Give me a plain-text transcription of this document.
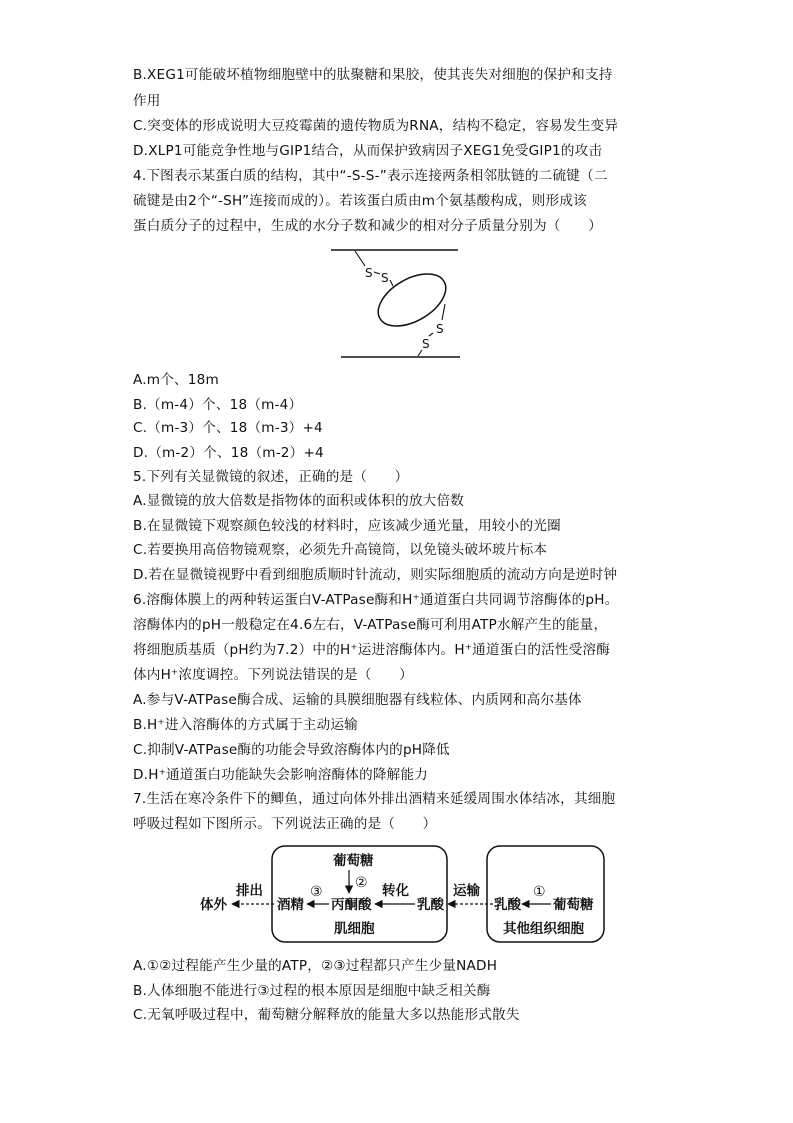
B.XEG1可能破坏植物细胞壁中的肽聚糖和果胶，使其丧失对细胞的保护和支持
作用
C.突变体的形成说明大豆疫霉菌的遗传物质为RNA，结构不稳定，容易发生变异
D.XLP1可能竞争性地与GIP1结合，从而保护致病因子XEG1免受GIP1的攻击
4.下图表示某蛋白质的结构，其中“-S-S-”表示连接两条相邻肽链的二硫键（二
硫键是由2个“-SH”连接而成的）。若该蛋白质由m个氨基酸构成，则形成该
蛋白质分子的过程中，生成的水分子数和减少的相对分子质量分别为（　　）
S S
S
S
A.m个、18m
B.（m-4）个、18（m-4）
C.（m-3）个、18（m-3）+4
D.（m-2）个、18（m-2）+4
5.下列有关显微镜的叙述，正确的是（　　）
A.显微镜的放大倍数是指物体的面积或体积的放大倍数
B.在显微镜下观察颜色较浅的材料时，应该减少通光量，用较小的光圈
C.若要换用高倍物镜观察，必须先升高镜筒，以免镜头破坏玻片标本
D.若在显微镜视野中看到细胞质顺时针流动，则实际细胞质的流动方向是逆时钟
6.溶酶体膜上的两种转运蛋白V-ATPase酶和H⁺通道蛋白共同调节溶酶体的pH。
溶酶体内的pH一般稳定在4.6左右，V-ATPase酶可利用ATP水解产生的能量，
将细胞质基质（pH约为7.2）中的H⁺运进溶酶体内。H⁺通道蛋白的活性受溶酶
体内H⁺浓度调控。下列说法错误的是（　　）
A.参与V-ATPase酶合成、运输的具膜细胞器有线粒体、内质网和高尔基体
B.H⁺进入溶酶体的方式属于主动运输
C.抑制V-ATPase酶的功能会导致溶酶体内的pH降低
D.H⁺通道蛋白功能缺失会影响溶酶体的降解能力
7.生活在寒冷条件下的鲫鱼，通过向体外排出酒精来延缓周围水体结冰，其细胞
呼吸过程如下图所示。下列说法正确的是（　　）
葡萄糖
②
③	转化
排出	运输	①
体外	酒精 丙酮酸	乳酸	乳酸 葡萄糖
肌细胞	其他组织细胞
A.①②过程能产生少量的ATP，②③过程都只产生少量NADH
B.人体细胞不能进行③过程的根本原因是细胞中缺乏相关酶
C.无氧呼吸过程中，葡萄糖分解释放的能量大多以热能形式散失
